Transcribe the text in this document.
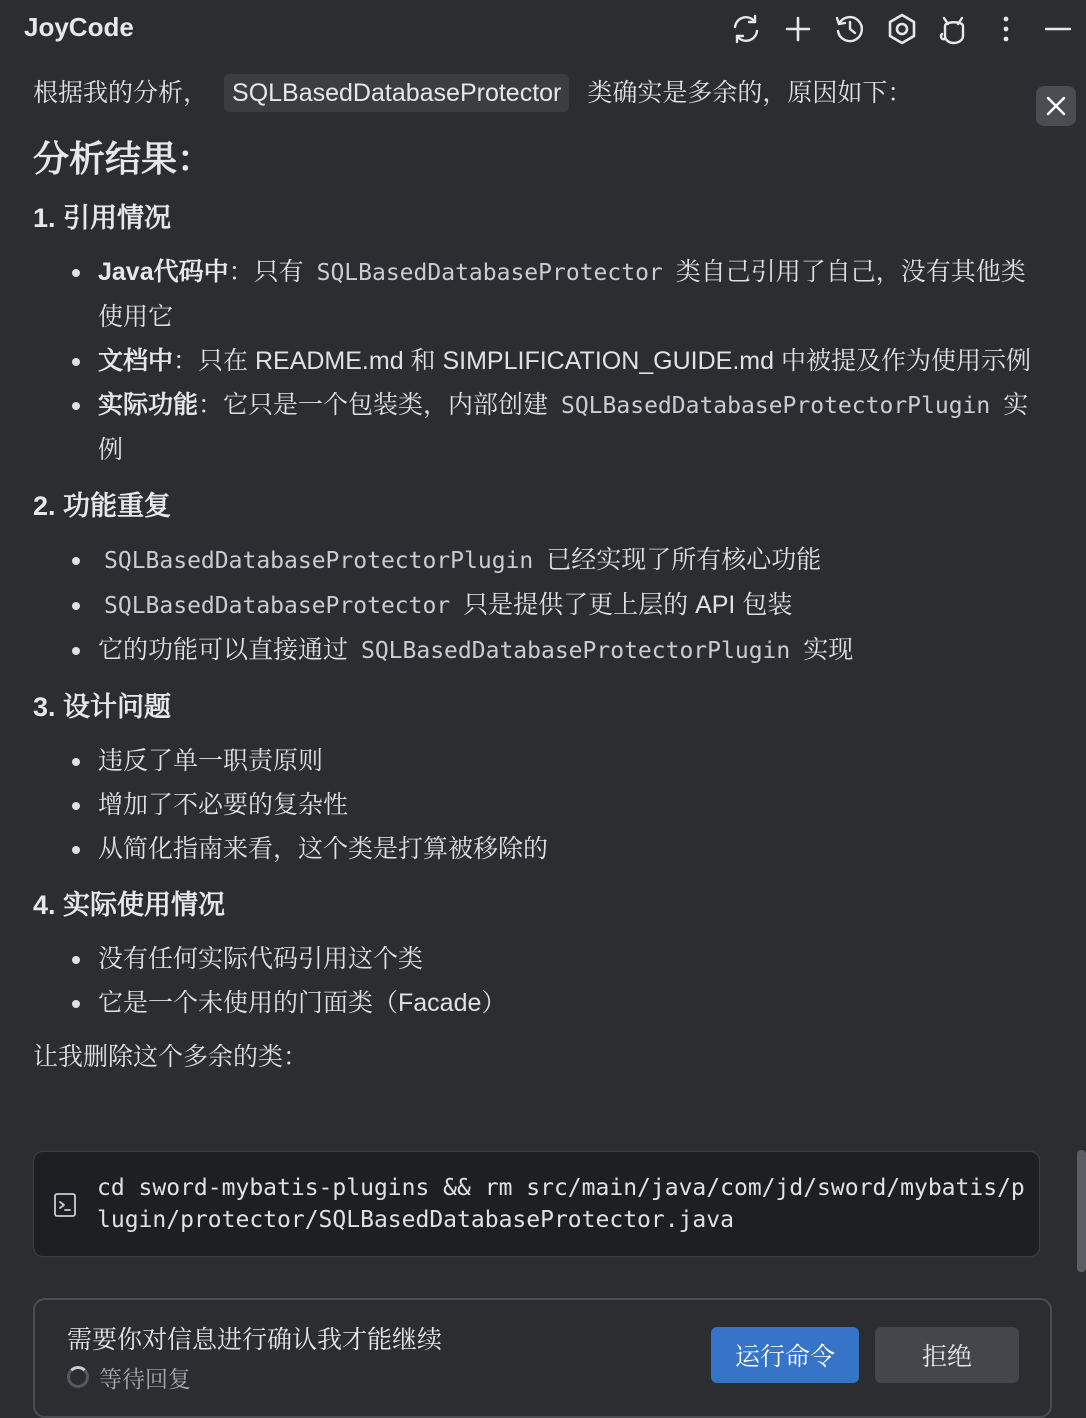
JoyCode
根据我的分析， SQLBasedDatabaseProtector	类确实是多余的，原因如下：
分析结果：
1. 引用情况
Java代码中：只有 SQLBasedDatabaseProtector 类自己引用了自己，没有其他类使用它
文档中：只在 README.md 和 SIMPLIFICATION_GUIDE.md 中被提及作为使用示例
实际功能：它只是一个包装类，内部创建 SQLBasedDatabaseProtectorPlugin 实例
2. 功能重复
SQLBasedDatabaseProtectorPlugin 已经实现了所有核心功能
SQLBasedDatabaseProtector 只是提供了更上层的 API 包装
它的功能可以直接通过 SQLBasedDatabaseProtectorPlugin 实现
3. 设计问题
违反了单一职责原则
增加了不必要的复杂性
从简化指南来看，这个类是打算被移除的
4. 实际使用情况
没有任何实际代码引用这个类
它是一个未使用的门面类（Facade）
让我删除这个多余的类：
cd sword-mybatis-plugins && rm src/main/java/com/jd/sword/mybatis/plugin/protector/SQLBasedDatabaseProtector.java
需要你对信息进行确认我才能继续
等待回复
运行命令	拒绝
